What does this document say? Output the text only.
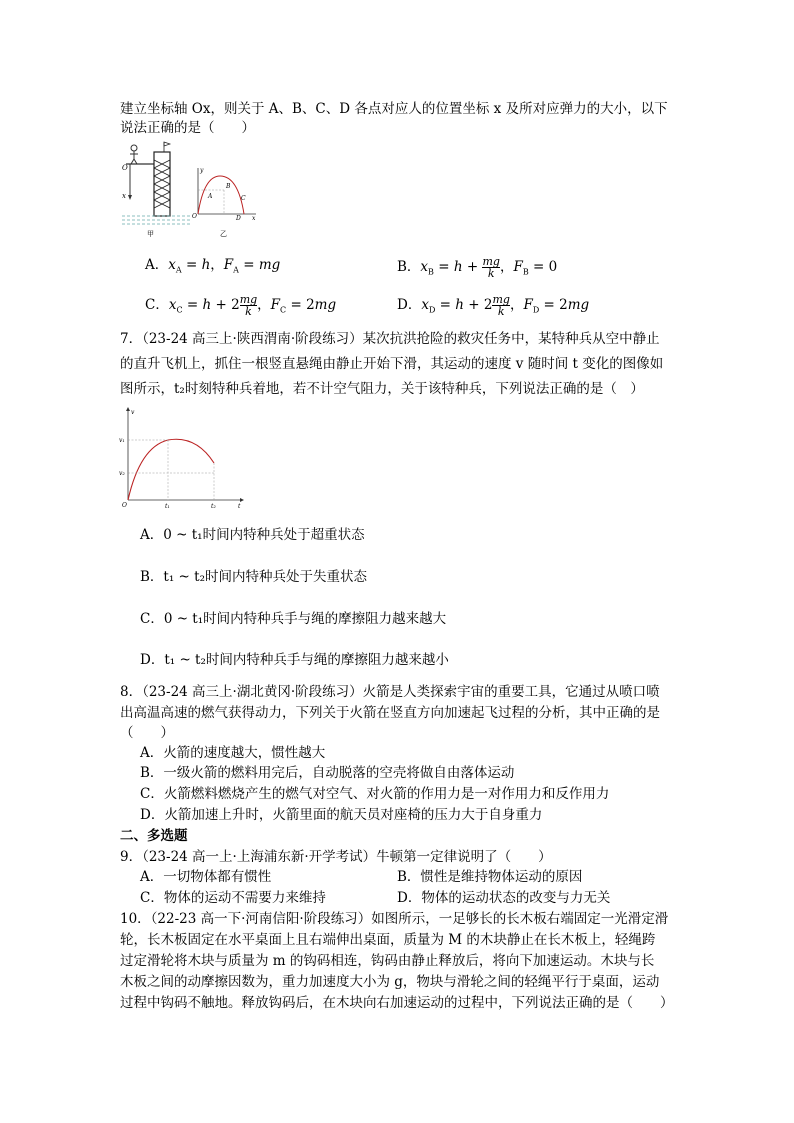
建立坐标轴 Ox，则关于 A、B、C、D 各点对应人的位置坐标 x 及所对应弹力的大小，以下
说法正确的是（　　）
O
x
甲
O
A
B
C
D x
y
乙
A．$x_A = h$，$F_A$ = mg	B．$x_B = h + \frac{mg}{k}$ ，$F_B = 0$
C．$x_C = h + 2 \frac{mg}{k}$ ，$F_C = 2mg$	D．$x_D = h + 2 \frac{mg}{k}$ ，$F_D = 2mg$
7．（23-24 高三上·陕西渭南·阶段练习）某次抗洪抢险的救灾任务中，某特种兵从空中静止
的直升飞机上，抓住一根竖直悬绳由静止开始下滑，其运动的速度 v 随时间 t 变化的图像如
图所示，t₂时刻特种兵着地，若不计空气阻力，关于该特种兵，下列说法正确的是（　）
v
t
v₁
v₂
O	t₁	t₂
A．0 ~ t₁时间内特种兵处于超重状态
B．t₁ ~ t₂时间内特种兵处于失重状态
C．0 ~ t₁时间内特种兵手与绳的摩擦阻力越来越大
D．t₁ ~ t₂时间内特种兵手与绳的摩擦阻力越来越小
8．（23-24 高三上·湖北黄冈·阶段练习）火箭是人类探索宇宙的重要工具，它通过从喷口喷
出高温高速的燃气获得动力，下列关于火箭在竖直方向加速起飞过程的分析，其中正确的是
（　　）
A．火箭的速度越大，惯性越大
B．一级火箭的燃料用完后，自动脱落的空壳将做自由落体运动
C．火箭燃料燃烧产生的燃气对空气、对火箭的作用力是一对作用力和反作用力
D．火箭加速上升时，火箭里面的航天员对座椅的压力大于自身重力
二、多选题
9．（23-24 高一上·上海浦东新·开学考试）牛顿第一定律说明了（　　）
A．一切物体都有惯性	B．惯性是维持物体运动的原因
C．物体的运动不需要力来维持	D．物体的运动状态的改变与力无关
10．（22-23 高一下·河南信阳·阶段练习）如图所示，一足够长的长木板右端固定一光滑定滑
轮，长木板固定在水平桌面上且右端伸出桌面，质量为 M 的木块静止在长木板上，轻绳跨
过定滑轮将木块与质量为 m 的钩码相连，钩码由静止释放后，将向下加速运动。木块与长
木板之间的动摩擦因数为，重力加速度大小为 g，物块与滑轮之间的轻绳平行于桌面，运动
过程中钩码不触地。释放钩码后，在木块向右加速运动的过程中，下列说法正确的是（　　）
